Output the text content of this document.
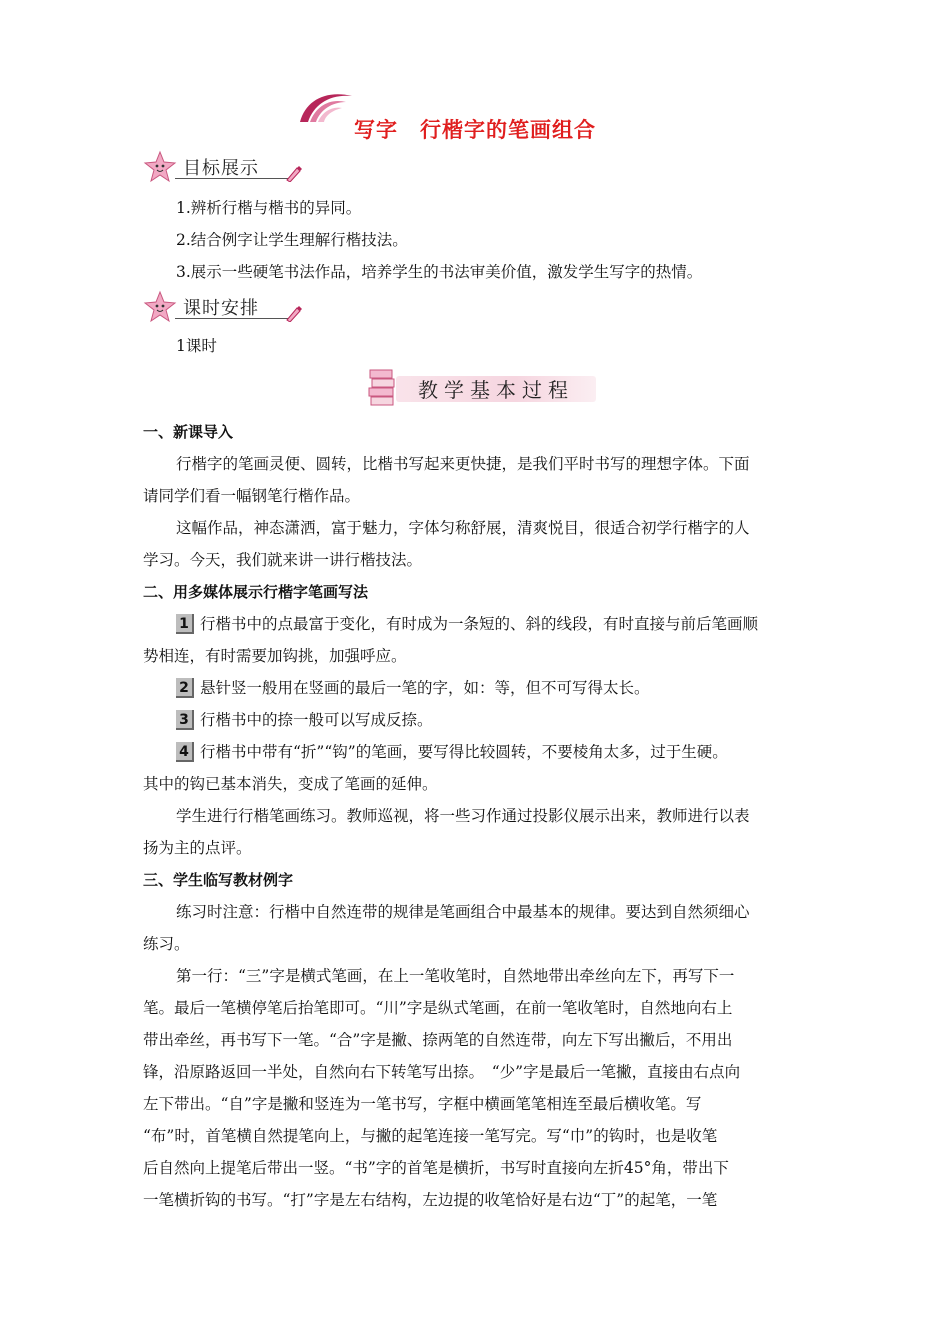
写字　行楷字的笔画组合
目标展示
1.辨析行楷与楷书的异同。
2.结合例字让学生理解行楷技法。
3.展示一些硬笔书法作品，培养学生的书法审美价值，激发学生写字的热情。
课时安排
1课时
教学基本过程
一、新课导入
行楷字的笔画灵便、圆转，比楷书写起来更快捷，是我们平时书写的理想字体。下面
请同学们看一幅钢笔行楷作品。
这幅作品，神态潇洒，富于魅力，字体匀称舒展，清爽悦目，很适合初学行楷字的人
学习。今天，我们就来讲一讲行楷技法。
二、用多媒体展示行楷字笔画写法
1 行楷书中的点最富于变化，有时成为一条短的、斜的线段，有时直接与前后笔画顺
势相连，有时需要加钩挑，加强呼应。
2 悬针竖一般用在竖画的最后一笔的字，如：等，但不可写得太长。
3 行楷书中的捺一般可以写成反捺。
4 行楷书中带有“折”“钩”的笔画，要写得比较圆转，不要棱角太多，过于生硬。
其中的钩已基本消失，变成了笔画的延伸。
学生进行行楷笔画练习。教师巡视，将一些习作通过投影仪展示出来，教师进行以表
扬为主的点评。
三、学生临写教材例字
练习时注意：行楷中自然连带的规律是笔画组合中最基本的规律。要达到自然须细心
练习。
第一行：“三”字是横式笔画，在上一笔收笔时，自然地带出牵丝向左下，再写下一
笔。最后一笔横停笔后抬笔即可。“川”字是纵式笔画，在前一笔收笔时，自然地向右上
带出牵丝，再书写下一笔。“合”字是撇、捺两笔的自然连带，向左下写出撇后，不用出
锋，沿原路返回一半处，自然向右下转笔写出捺。　“少”字是最后一笔撇，直接由右点向
左下带出。“自”字是撇和竖连为一笔书写，字框中横画笔笔相连至最后横收笔。写
“布”时，首笔横自然提笔向上，与撇的起笔连接一笔写完。写“巾”的钩时，也是收笔
后自然向上提笔后带出一竖。“书”字的首笔是横折，书写时直接向左折45°角，带出下
一笔横折钩的书写。“打”字是左右结构，左边提的收笔恰好是右边“丁”的起笔，一笔
